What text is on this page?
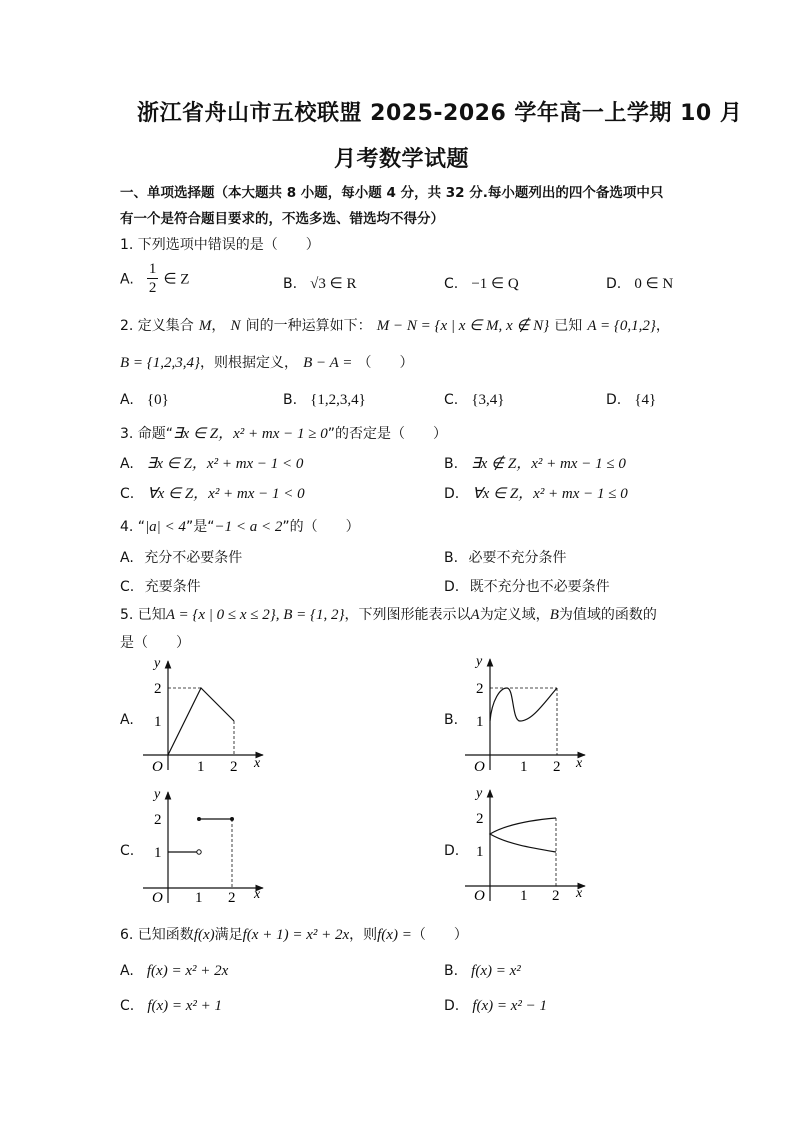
浙江省舟山市五校联盟 2025-2026 学年高一上学期 10 月
月考数学试题
一、单项选择题（本大题共 8 小题，每小题 4 分，共 32 分.每小题列出的四个备选项中只
有一个是符合题目要求的，不选多选、错选均不得分）
1. 下列选项中错误的是（　　）
A. $\frac{1}{2}$ ∈ Z	B. √3 ∈ R	C. −1 ∈ Q	D. 0 ∈ N
2. 定义集合 M， N 间的一种运算如下： M − N = {x | x ∈ M, x ∉ N} 已知 A = {0,1,2}，
B = {1,2,3,4}，则根据定义， B − A = （　　）
A. {0}	B. {1,2,3,4}	C. {3,4}	D. {4}
3. 命题“∃x ∈ Z，x² + mx − 1 ≥ 0”的否定是（　　）
A. ∃x ∈ Z，x² + mx − 1 < 0	B. ∃x ∉ Z，x² + mx − 1 ≤ 0
C. ∀x ∈ Z，x² + mx − 1 < 0	D. ∀x ∈ Z，x² + mx − 1 ≤ 0
4. “|a| < 4”是“−1 < a < 2”的（　　）
A. 充分不必要条件	B. 必要不充分条件
C. 充要条件	D. 既不充分也不必要条件
5. 已知A = {x | 0 ≤ x ≤ 2}, B = {1, 2}，下列图形能表示以A为定义域，B为值域的函数的
是（　　）
A.	B.
C.	D.
y
x
O
2
1
1 2
y
x
O
2
1
1 2
y
x
O
2
1
1 2
y
x
O
2
1
1 2
6. 已知函数f(x)满足f(x + 1) = x² + 2x，则f(x) =（　　）
A. f(x) = x² + 2x	B. f(x) = x²
C. f(x) = x² + 1	D. f(x) = x² − 1
